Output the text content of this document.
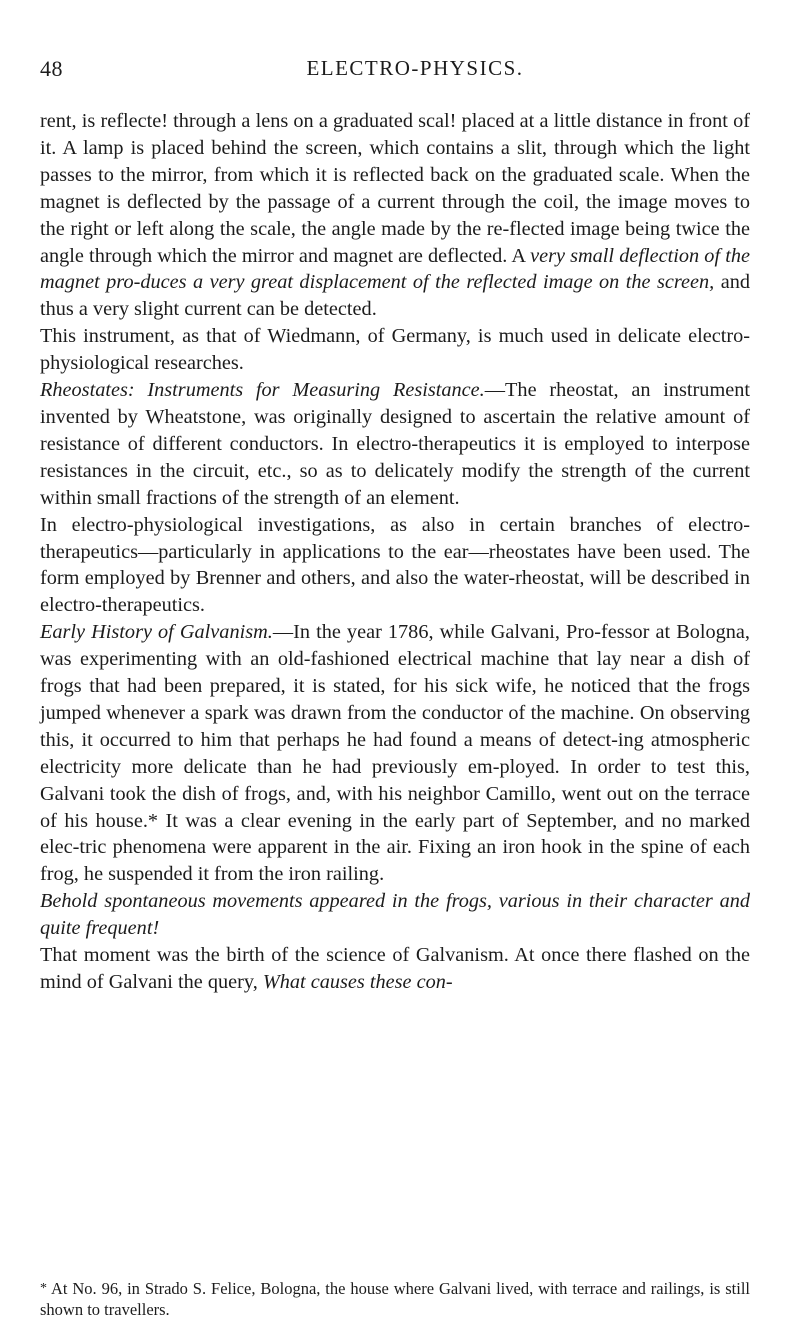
48	ELECTRO-PHYSICS.

rent, is reflecte! through a lens on a graduated scal! placed at a little distance in front of it. A lamp is placed behind the screen, which contains a slit, through which the light passes to the mirror, from which it is reflected back on the graduated scale. When the magnet is deflected by the passage of a current through the coil, the image moves to the right or left along the scale, the angle made by the re-flected image being twice the angle through which the mirror and magnet are deflected. A very small deflection of the magnet pro-duces a very great displacement of the reflected image on the screen, and thus a very slight current can be detected.

This instrument, as that of Wiedmann, of Germany, is much used in delicate electro-physiological researches.

Rheostates: Instruments for Measuring Resistance.—The rheostat, an instrument invented by Wheatstone, was originally designed to ascertain the relative amount of resistance of different conductors. In electro-therapeutics it is employed to interpose resistances in the circuit, etc., so as to delicately modify the strength of the current within small fractions of the strength of an element.

In electro-physiological investigations, as also in certain branches of electro-therapeutics—particularly in applications to the ear—rheostates have been used. The form employed by Brenner and others, and also the water-rheostat, will be described in electro-therapeutics.

Early History of Galvanism.—In the year 1786, while Galvani, Pro-fessor at Bologna, was experimenting with an old-fashioned electrical machine that lay near a dish of frogs that had been prepared, it is stated, for his sick wife, he noticed that the frogs jumped whenever a spark was drawn from the conductor of the machine. On observing this, it occurred to him that perhaps he had found a means of detect-ing atmospheric electricity more delicate than he had previously em-ployed. In order to test this, Galvani took the dish of frogs, and, with his neighbor Camillo, went out on the terrace of his house.* It was a clear evening in the early part of September, and no marked elec-tric phenomena were apparent in the air. Fixing an iron hook in the spine of each frog, he suspended it from the iron railing.

Behold spontaneous movements appeared in the frogs, various in their character and quite frequent!

That moment was the birth of the science of Galvanism. At once there flashed on the mind of Galvani the query, What causes these con-

* At No. 96, in Strado S. Felice, Bologna, the house where Galvani lived, with terrace and railings, is still shown to travellers.
